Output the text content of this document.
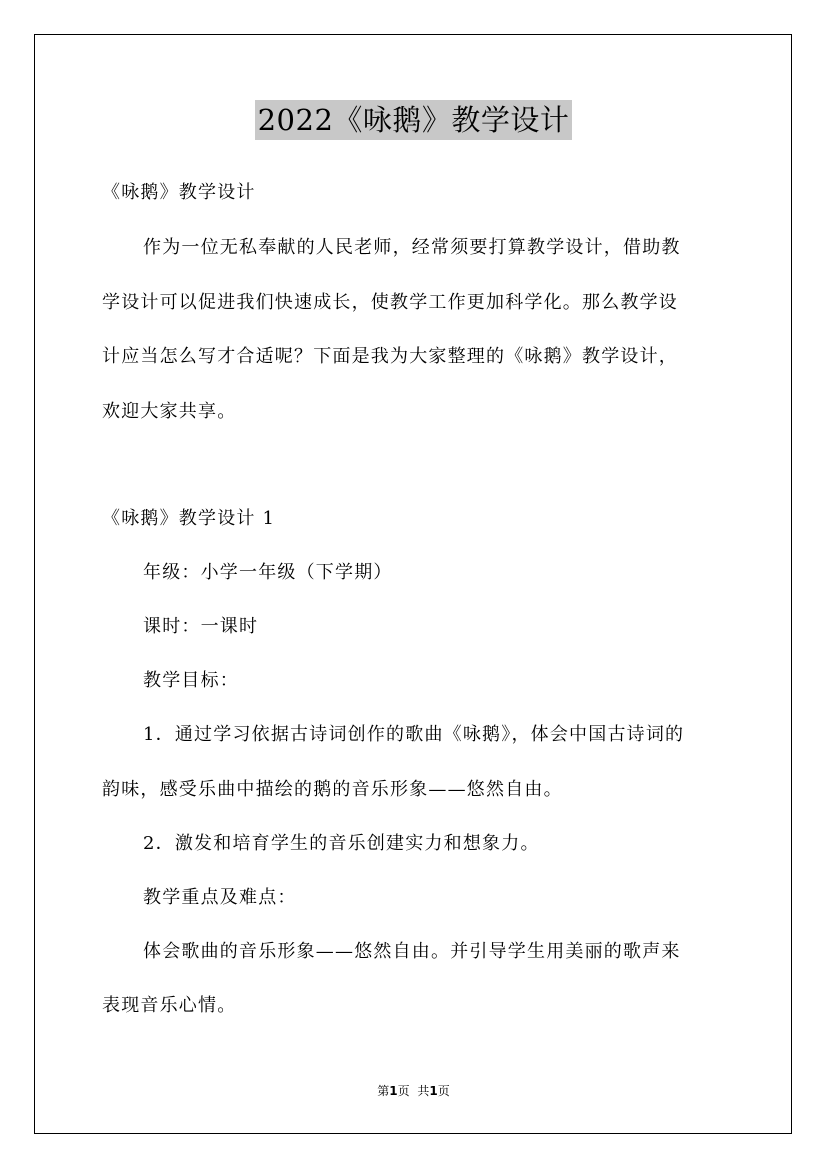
2022《咏鹅》教学设计
《咏鹅》教学设计
作为一位无私奉献的人民老师，经常须要打算教学设计，借助教
学设计可以促进我们快速成长，使教学工作更加科学化。那么教学设
计应当怎么写才合适呢？下面是我为大家整理的《咏鹅》教学设计，
欢迎大家共享。
《咏鹅》教学设计 1
年级：小学一年级（下学期）
课时：一课时
教学目标：
1．通过学习依据古诗词创作的歌曲《咏鹅》，体会中国古诗词的
韵味，感受乐曲中描绘的鹅的音乐形象——悠然自由。
2．激发和培育学生的音乐创建实力和想象力。
教学重点及难点：
体会歌曲的音乐形象——悠然自由。并引导学生用美丽的歌声来
表现音乐心情。
第1页 共1页
